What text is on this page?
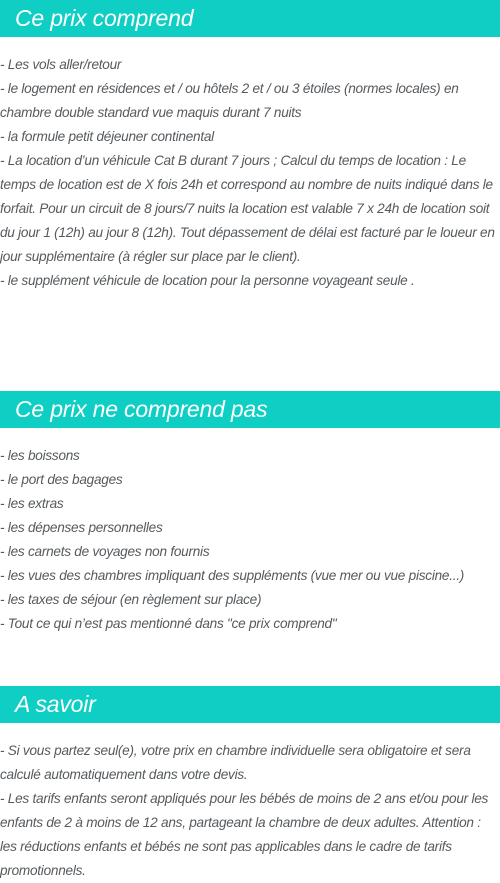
Ce prix comprend
- Les vols aller/retour
- le logement en résidences et / ou hôtels 2 et / ou 3 étoiles (normes locales) en chambre double standard vue maquis durant 7 nuits
- la formule petit déjeuner continental
- La location d’un véhicule Cat B durant 7 jours ; Calcul du temps de location : Le temps de location est de X fois 24h et correspond au nombre de nuits indiqué dans le forfait. Pour un circuit de 8 jours/7 nuits la location est valable 7 x 24h de location soit du jour 1 (12h) au jour 8 (12h). Tout dépassement de délai est facturé par le loueur en jour supplémentaire (à régler sur place par le client).
- le supplément véhicule de location pour la personne voyageant seule .
Ce prix ne comprend pas
- les boissons
- le port des bagages
- les extras
- les dépenses personnelles
- les carnets de voyages non fournis
- les vues des chambres impliquant des suppléments (vue mer ou vue piscine...)
- les taxes de séjour (en règlement sur place)
- Tout ce qui n’est pas mentionné dans "ce prix comprend"
A savoir
- Si vous partez seul(e), votre prix en chambre individuelle sera obligatoire et sera calculé automatiquement dans votre devis.
- Les tarifs enfants seront appliqués pour les bébés de moins de 2 ans et/ou pour les enfants de 2 à moins de 12 ans, partageant la chambre de deux adultes. Attention : les réductions enfants et bébés ne sont pas applicables dans le cadre de tarifs promotionnels.
